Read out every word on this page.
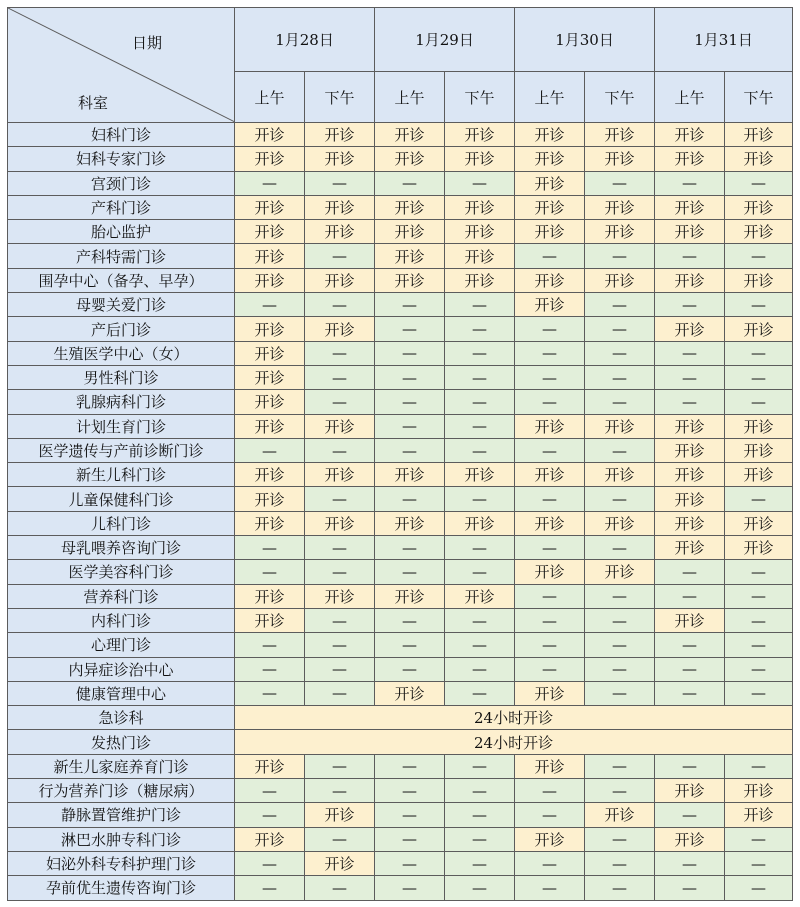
日期
科室	1月28日		1月29日		1月30日		1月31日	
	上午	下午	上午	下午	上午	下午	上午	下午
妇科门诊	开诊	开诊	开诊	开诊	开诊	开诊	开诊	开诊
妇科专家门诊	开诊	开诊	开诊	开诊	开诊	开诊	开诊	开诊
宫颈门诊	—	—	—	—	开诊	—	—	—
产科门诊	开诊	开诊	开诊	开诊	开诊	开诊	开诊	开诊
胎心监护	开诊	开诊	开诊	开诊	开诊	开诊	开诊	开诊
产科特需门诊	开诊	—	开诊	开诊	—	—	—	—
围孕中心（备孕、早孕）	开诊	开诊	开诊	开诊	开诊	开诊	开诊	开诊
母婴关爱门诊	—	—	—	—	开诊	—	—	—
产后门诊	开诊	开诊	—	—	—	—	开诊	开诊
生殖医学中心（女）	开诊	—	—	—	—	—	—	—
男性科门诊	开诊	—	—	—	—	—	—	—
乳腺病科门诊	开诊	—	—	—	—	—	—	—
计划生育门诊	开诊	开诊	—	—	开诊	开诊	开诊	开诊
医学遗传与产前诊断门诊	—	—	—	—	—	—	开诊	开诊
新生儿科门诊	开诊	开诊	开诊	开诊	开诊	开诊	开诊	开诊
儿童保健科门诊	开诊	—	—	—	—	—	开诊	—
儿科门诊	开诊	开诊	开诊	开诊	开诊	开诊	开诊	开诊
母乳喂养咨询门诊	—	—	—	—	—	—	开诊	开诊
医学美容科门诊	—	—	—	—	开诊	开诊	—	—
营养科门诊	开诊	开诊	开诊	开诊	—	—	—	—
内科门诊	开诊	—	—	—	—	—	开诊	—
心理门诊	—	—	—	—	—	—	—	—
内异症诊治中心	—	—	—	—	—	—	—	—
健康管理中心	—	—	开诊	—	开诊	—	—	—
急诊科	24小时开诊							
发热门诊	24小时开诊							
新生儿家庭养育门诊	开诊	—	—	—	开诊	—	—	—
行为营养门诊（糖尿病）	—	—	—	—	—	—	开诊	开诊
静脉置管维护门诊	—	开诊	—	—	—	开诊	—	开诊
淋巴水肿专科门诊	开诊	—	—	—	开诊	—	开诊	—
妇泌外科专科护理门诊	—	开诊	—	—	—	—	—	—
孕前优生遗传咨询门诊	—	—	—	—	—	—	—	—
